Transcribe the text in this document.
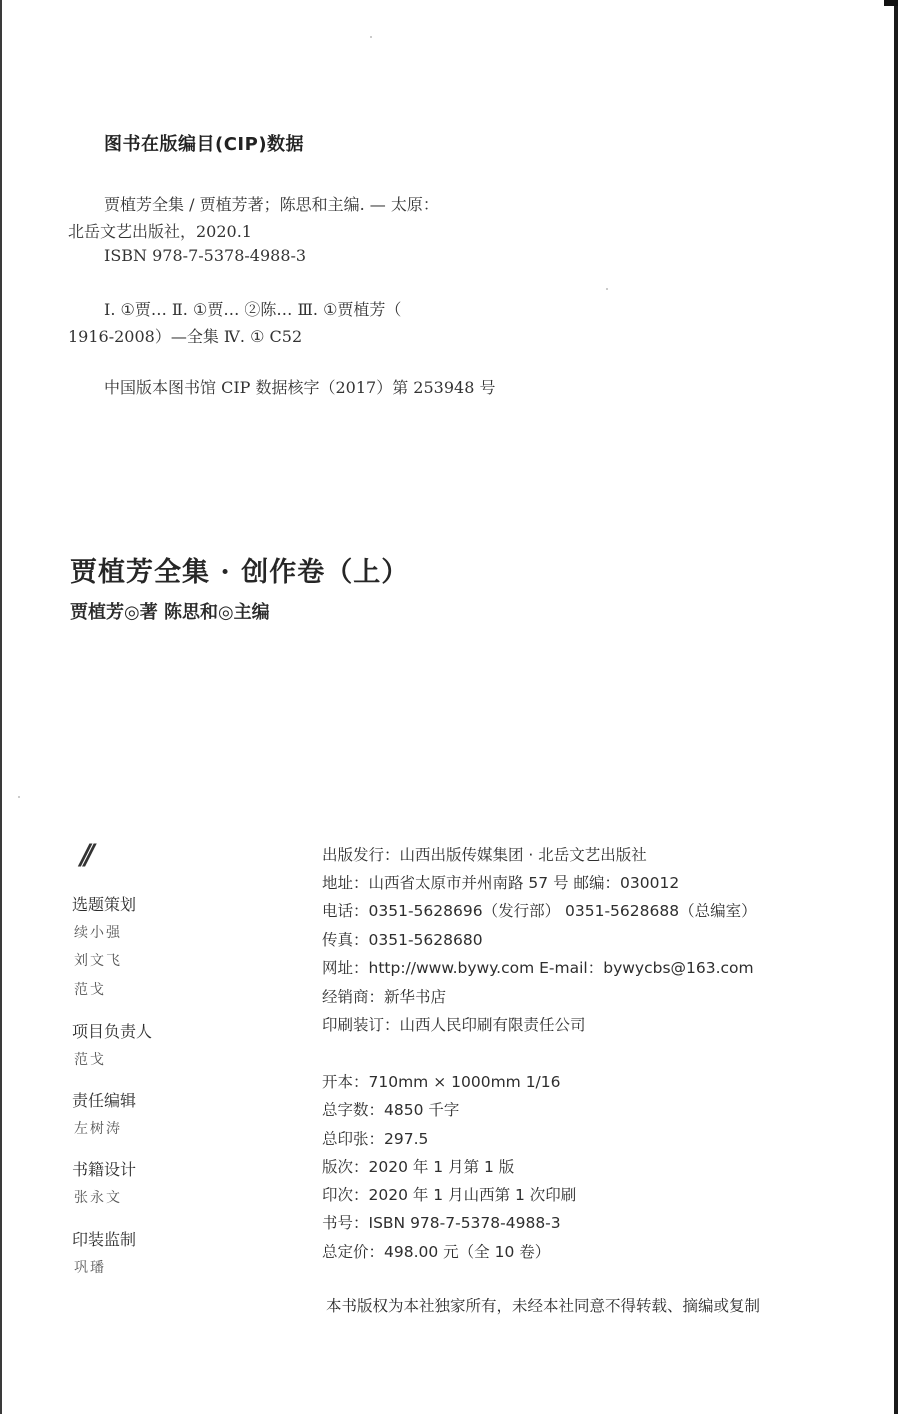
图书在版编目(CIP)数据
贾植芳全集 / 贾植芳著；陈思和主编. — 太原：
北岳文艺出版社，2020.1
ISBN 978-7-5378-4988-3
Ⅰ. ①贾… Ⅱ. ①贾… ②陈… Ⅲ. ①贾植芳（
1916-2008）—全集 Ⅳ. ① C52
中国版本图书馆 CIP 数据核字（2017）第 253948 号
贾植芳全集 · 创作卷（上）
贾植芳◎著 陈思和◎主编
//
选题策划
续小强
刘文飞
范戈
项目负责人
范戈
责任编辑
左树涛
书籍设计
张永文
印装监制
巩璠
出版发行：山西出版传媒集团 · 北岳文艺出版社
地址：山西省太原市并州南路 57 号 邮编：030012
电话：0351-5628696（发行部） 0351-5628688（总编室）
传真：0351-5628680
网址：http://www.bywy.com E-mail：bywycbs@163.com
经销商：新华书店
印刷装订：山西人民印刷有限责任公司
开本：710mm × 1000mm 1/16
总字数：4850 千字
总印张：297.5
版次：2020 年 1 月第 1 版
印次：2020 年 1 月山西第 1 次印刷
书号：ISBN 978-7-5378-4988-3
总定价：498.00 元（全 10 卷）
本书版权为本社独家所有，未经本社同意不得转载、摘编或复制
